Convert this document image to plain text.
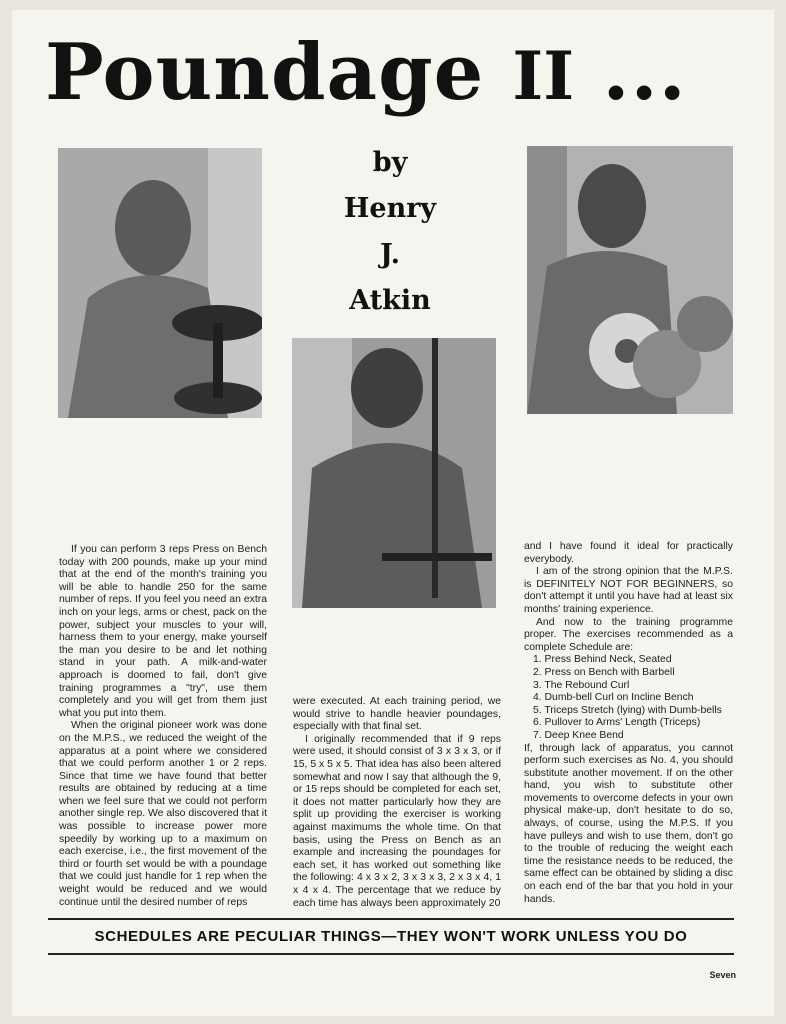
Poundage II ...
by
Henry
J.
Atkin

If you can perform 3 reps Press on Bench today with 200 pounds, make up your mind that at the end of the month's training you will be able to handle 250 for the same number of reps. If you feel you need an extra inch on your legs, arms or chest, pack on the power, subject your muscles to your will, harness them to your energy, make yourself the man you desire to be and let nothing stand in your path. A milk-and-water approach is doomed to fail, don't give training programmes a "try", use them completely and you will get from them just what you put into them.

When the original pioneer work was done on the M.P.S., we reduced the weight of the apparatus at a point where we considered that we could perform another 1 or 2 reps. Since that time we have found that better results are obtained by reducing at a time when we feel sure that we could not perform another single rep. We also discovered that it was possible to increase power more speedily by working up to a maximum on each exercise, i.e., the first movement of the third or fourth set would be with a poundage that we could just handle for 1 rep when the weight would be reduced and we would continue until the desired number of reps

were executed. At each training period, we would strive to handle heavier poundages, especially with that final set.

I originally recommended that if 9 reps were used, it should consist of 3 x 3 x 3, or if 15, 5 x 5 x 5. That idea has also been altered somewhat and now I say that although the 9, or 15 reps should be completed for each set, it does not matter particularly how they are split up providing the exerciser is working against maximums the whole time. On that basis, using the Press on Bench as an example and increasing the poundages for each set, it has worked out something like the following: 4 x 3 x 2, 3 x 3 x 3, 2 x 3 x 4, 1 x 4 x 4. The percentage that we reduce by each time has always been approximately 20

and I have found it ideal for practically everybody.

I am of the strong opinion that the M.P.S. is DEFINITELY NOT FOR BEGINNERS, so don't attempt it until you have had at least six months' training experience.

And now to the training programme proper. The exercises recommended as a complete Schedule are:

1. Press Behind Neck, Seated
2. Press on Bench with Barbell
3. The Rebound Curl
4. Dumb-bell Curl on Incline Bench
5. Triceps Stretch (lying) with Dumb-bells
6. Pullover to Arms' Length (Triceps)
7. Deep Knee Bend

If, through lack of apparatus, you cannot perform such exercises as No. 4, you should substitute another movement. If on the other hand, you wish to substitute other movements to overcome defects in your own physical make-up, don't hesitate to do so, always, of course, using the M.P.S. If you have pulleys and wish to use them, don't go to the trouble of reducing the weight each time the resistance needs to be reduced, the same effect can be obtained by sliding a disc on each end of the bar that you hold in your hands.

SCHEDULES ARE PECULIAR THINGS—THEY WON'T WORK UNLESS YOU DO
Seven
